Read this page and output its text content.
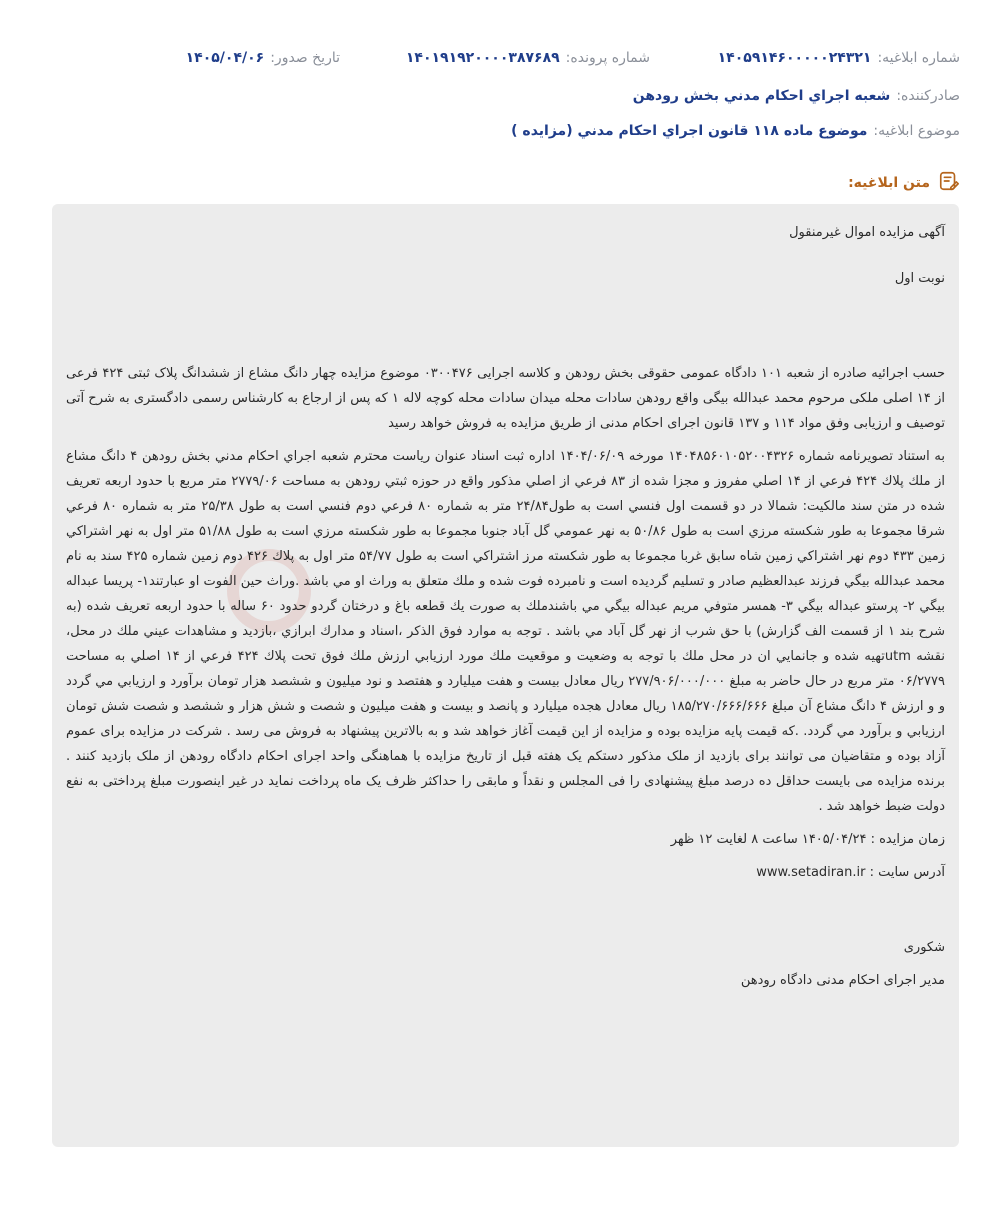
شماره ابلاغیه:
۱۴۰۵۹۱۴۶۰۰۰۰۰۲۴۳۲۱
شماره پرونده:
۱۴۰۱۹۱۹۲۰۰۰۰۳۸۷۶۸۹
تاریخ صدور:
۱۴۰۵/۰۴/۰۶
صادرکننده:
شعبه اجراي احكام مدني بخش رودهن
موضوع ابلاغیه:
موضوع ماده ۱۱۸ قانون اجراي احكام مدني (مزايده )
متن ابلاغیه:

آگهی مزایده اموال غیرمنقول

نوبت اول

حسب اجرائیه صادره از شعبه ۱۰۱ دادگاه عمومی حقوقی بخش رودهن و کلاسه اجرایی ۰۳۰۰۴۷۶ موضوع مزایده چهار دانگ مشاع از ششدانگ پلاک ثبتی ۴۲۴ فرعی از ۱۴ اصلی ملکی مرحوم محمد عبدالله بیگی واقع رودهن سادات محله میدان سادات محله کوچه لاله ۱ که پس از ارجاع به کارشناس رسمی دادگستری به شرح آتی توصیف و ارزیابی وفق مواد ۱۱۴ و ۱۳۷ قانون اجرای احکام مدنی از طریق مزایده به فروش خواهد رسید

به استناد تصويرنامه شماره ۱۴۰۴۸۵۶۰۱۰۵۲۰۰۴۳۲۶ مورخه ۱۴۰۴/۰۶/۰۹ اداره ثبت اسناد عنوان رياست محترم شعبه اجراي احكام مدني بخش رودهن ۴ دانگ مشاع از ملك پلاك ۴۲۴ فرعي از ۱۴ اصلي مفروز و مجزا شده از ۸۳ فرعي از اصلي مذكور واقع در حوزه ثبتي رودهن به مساحت ۲۷۷۹/۰۶ متر مربع با حدود اربعه تعريف شده در متن سند مالكيت: شمالا در دو قسمت اول فنسي است به طول۲۴/۸۴ متر به شماره ۸۰ فرعي دوم فنسي است به طول ۲۵/۳۸ متر به شماره ۸۰ فرعي شرقا مجموعا به طور شكسته مرزي است به طول ۵۰/۸۶ به نهر عمومي گل آباد جنوبا مجموعا به طور شكسته مرزي است به طول ۵۱/۸۸ متر اول به نهر اشتراكي زمين ۴۳۳ دوم نهر اشتراكي زمين شاه سابق غربا مجموعا به طور شكسته مرز اشتراكي است به طول ۵۴/۷۷ متر اول به پلاك ۴۲۶ دوم زمين شماره ۴۲۵ سند به نام محمد عبدالله بيگي فرزند عبدالعظيم صادر و تسليم گرديده است و نامبرده فوت شده و ملك متعلق به وراث او مي باشد .وراث حين الفوت او عبارتند۱- پريسا عبداله بيگي ۲- پرستو عبداله بيگي ۳- همسر متوفي مريم عبداله بيگي مي باشندملك به صورت يك قطعه باغ و درختان گردو حدود ۶۰ ساله با حدود اربعه تعريف شده (به شرح بند ۱ از قسمت الف گزارش) با حق شرب از نهر گل آباد مي باشد . توجه به موارد فوق الذكر ،اسناد و مدارك ابرازي ،بازديد و مشاهدات عيني ملك در محل، نقشه utmتهيه شده و جانمايي ان در محل ملك با توجه به وضعيت و موقعيت ملك مورد ارزيابي ارزش ملك فوق تحت پلاك ۴۲۴ فرعي از ۱۴ اصلي به مساحت ۰۶/۲۷۷۹ متر مربع در حال حاضر به مبلغ ۲۷۷/۹۰۶/۰۰۰/۰۰۰ ريال معادل بيست و هفت ميليارد و هفتصد و نود ميليون و ششصد هزار تومان برآورد و ارزيابي مي گردد و و ارزش ۴ دانگ مشاع آن مبلغ ۱۸۵/۲۷۰/۶۶۶/۶۶۶ ريال معادل هجده ميليارد و پانصد و بيست و هفت ميليون و شصت و شش هزار و ششصد و شصت شش تومان ارزيابي و برآورد مي گردد. .که قیمت پایه مزایده بوده و مزایده از این قیمت آغاز خواهد شد و به بالاترین پیشنهاد به فروش می رسد . شرکت در مزایده برای عموم آزاد بوده و متقاضیان می توانند برای بازدید از ملک مذکور دستکم یک هفته قبل از تاریخ مزایده با هماهنگی واحد اجرای احکام دادگاه رودهن از ملک بازدید کنند . برنده مزایده می بایست حداقل ده درصد مبلغ پیشنهادی را فی المجلس و نقداً و مابقی را حداکثر ظرف یک ماه پرداخت نماید در غیر اینصورت مبلغ پرداختی به نفع دولت ضبط خواهد شد .

زمان مزایده : ۱۴۰۵/۰۴/۲۴ ساعت ۸ لغایت ۱۲ ظهر

آدرس سایت : www.setadiran.ir

شکوری

مدیر اجرای احکام مدنی دادگاه رودهن
